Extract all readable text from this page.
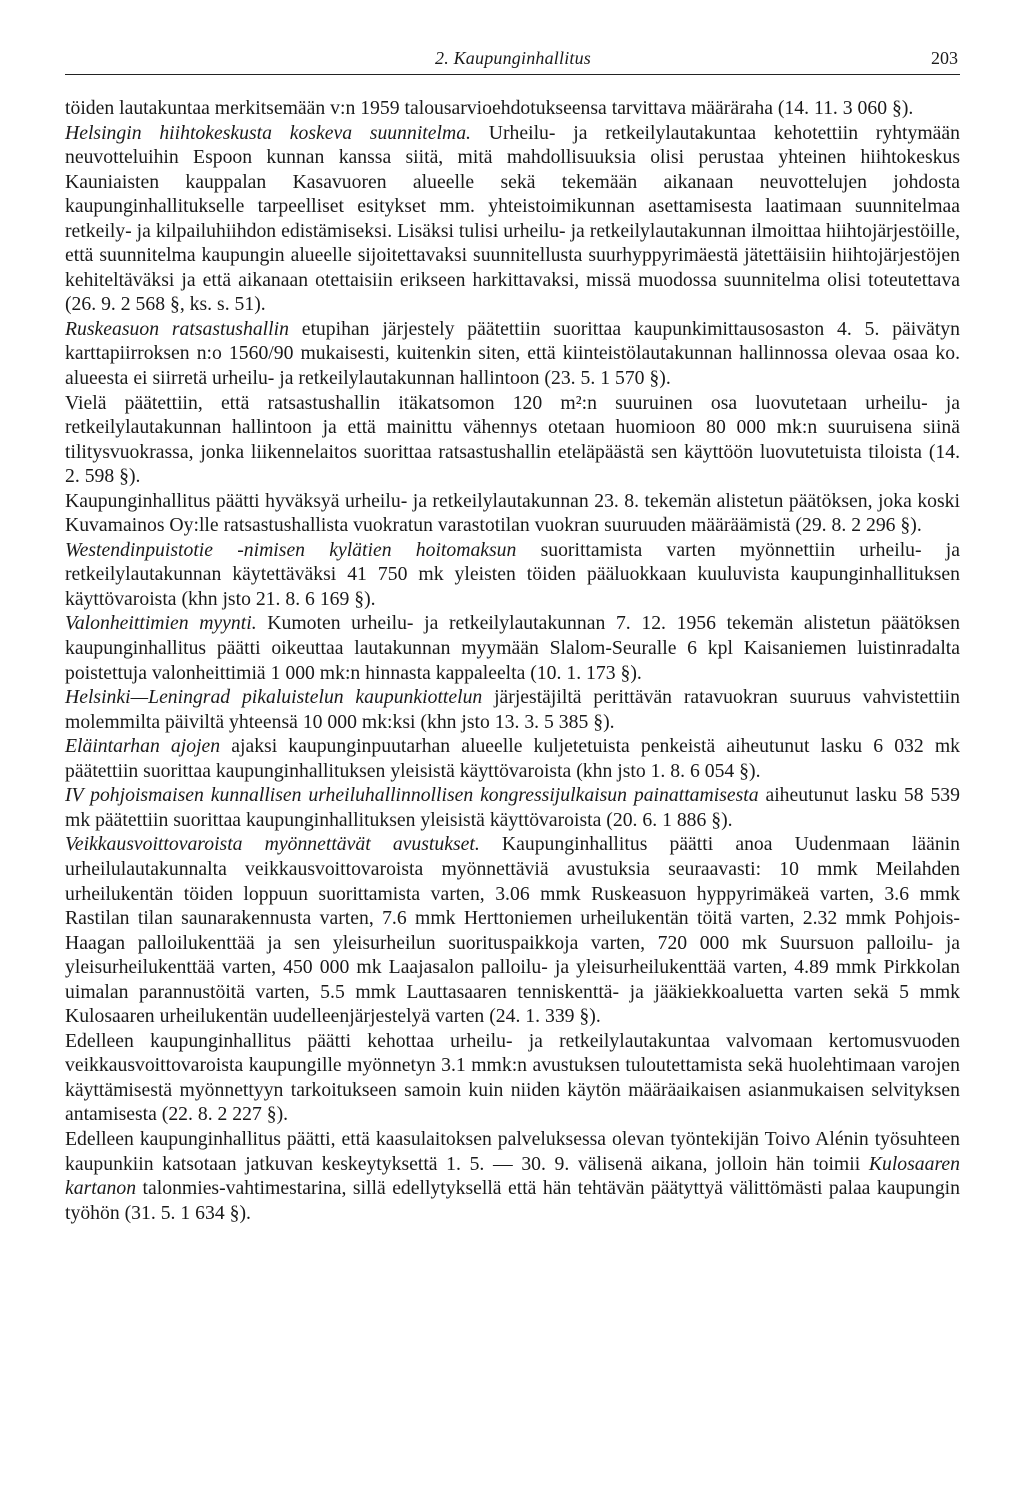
2. Kaupunginhallitus	203

töiden lautakuntaa merkitsemään v:n 1959 talousarvioehdotukseensa tarvittava määräraha (14. 11. 3 060 §).

Helsingin hiihtokeskusta koskeva suunnitelma. Urheilu- ja retkeilylautakuntaa kehotettiin ryhtymään neuvotteluihin Espoon kunnan kanssa siitä, mitä mahdollisuuksia olisi perustaa yhteinen hiihtokeskus Kauniaisten kauppalan Kasavuoren alueelle sekä tekemään aikanaan neuvottelujen johdosta kaupunginhallitukselle tarpeelliset esitykset mm. yhteistoimikunnan asettamisesta laatimaan suunnitelmaa retkeily- ja kilpailuhiihdon edistämiseksi. Lisäksi tulisi urheilu- ja retkeilylautakunnan ilmoittaa hiihtojärjestöille, että suunnitelma kaupungin alueelle sijoitettavaksi suunnitellusta suurhyppyrimäestä jätettäisiin hiihtojärjestöjen kehiteltäväksi ja että aikanaan otettaisiin erikseen harkittavaksi, missä muodossa suunnitelma olisi toteutettava (26. 9. 2 568 §, ks. s. 51).

Ruskeasuon ratsastushallin etupihan järjestely päätettiin suorittaa kaupunkimittausosaston 4. 5. päivätyn karttapiirroksen n:o 1560/90 mukaisesti, kuitenkin siten, että kiinteistölautakunnan hallinnossa olevaa osaa ko. alueesta ei siirretä urheilu- ja retkeilylautakunnan hallintoon (23. 5. 1 570 §).

Vielä päätettiin, että ratsastushallin itäkatsomon 120 m²:n suuruinen osa luovutetaan urheilu- ja retkeilylautakunnan hallintoon ja että mainittu vähennys otetaan huomioon 80 000 mk:n suuruisena siinä tilitysvuokrassa, jonka liikennelaitos suorittaa ratsastushallin eteläpäästä sen käyttöön luovutetuista tiloista (14. 2. 598 §).

Kaupunginhallitus päätti hyväksyä urheilu- ja retkeilylautakunnan 23. 8. tekemän alistetun päätöksen, joka koski Kuvamainos Oy:lle ratsastushallista vuokratun varastotilan vuokran suuruuden määräämistä (29. 8. 2 296 §).

Westendinpuistotie -nimisen kylätien hoitomaksun suorittamista varten myönnettiin urheilu- ja retkeilylautakunnan käytettäväksi 41 750 mk yleisten töiden pääluokkaan kuuluvista kaupunginhallituksen käyttövaroista (khn jsto 21. 8. 6 169 §).

Valonheittimien myynti. Kumoten urheilu- ja retkeilylautakunnan 7. 12. 1956 tekemän alistetun päätöksen kaupunginhallitus päätti oikeuttaa lautakunnan myymään Slalom-Seuralle 6 kpl Kaisaniemen luistinradalta poistettuja valonheittimiä 1 000 mk:n hinnasta kappaleelta (10. 1. 173 §).

Helsinki—Leningrad pikaluistelun kaupunkiottelun järjestäjiltä perittävän ratavuokran suuruus vahvistettiin molemmilta päiviltä yhteensä 10 000 mk:ksi (khn jsto 13. 3. 5 385 §).

Eläintarhan ajojen ajaksi kaupunginpuutarhan alueelle kuljetetuista penkeistä aiheutunut lasku 6 032 mk päätettiin suorittaa kaupunginhallituksen yleisistä käyttövaroista (khn jsto 1. 8. 6 054 §).

IV pohjoismaisen kunnallisen urheiluhallinnollisen kongressijulkaisun painattamisesta aiheutunut lasku 58 539 mk päätettiin suorittaa kaupunginhallituksen yleisistä käyttövaroista (20. 6. 1 886 §).

Veikkausvoittovaroista myönnettävät avustukset. Kaupunginhallitus päätti anoa Uudenmaan läänin urheilulautakunnalta veikkausvoittovaroista myönnettäviä avustuksia seuraavasti: 10 mmk Meilahden urheilukentän töiden loppuun suorittamista varten, 3.06 mmk Ruskeasuon hyppyrimäkeä varten, 3.6 mmk Rastilan tilan saunarakennusta varten, 7.6 mmk Herttoniemen urheilukentän töitä varten, 2.32 mmk Pohjois-Haagan palloilukenttää ja sen yleisurheilun suorituspaikkoja varten, 720 000 mk Suursuon palloilu- ja yleisurheilukenttää varten, 450 000 mk Laajasalon palloilu- ja yleisurheilukenttää varten, 4.89 mmk Pirkkolan uimalan parannustöitä varten, 5.5 mmk Lauttasaaren tenniskenttä- ja jääkiekkoaluetta varten sekä 5 mmk Kulosaaren urheilukentän uudelleenjärjestelyä varten (24. 1. 339 §).

Edelleen kaupunginhallitus päätti kehottaa urheilu- ja retkeilylautakuntaa valvomaan kertomusvuoden veikkausvoittovaroista kaupungille myönnetyn 3.1 mmk:n avustuksen tuloutettamista sekä huolehtimaan varojen käyttämisestä myönnettyyn tarkoitukseen samoin kuin niiden käytön määräaikaisen asianmukaisen selvityksen antamisesta (22. 8. 2 227 §).

Edelleen kaupunginhallitus päätti, että kaasulaitoksen palveluksessa olevan työntekijän Toivo Alénin työsuhteen kaupunkiin katsotaan jatkuvan keskeytyksettä 1. 5. — 30. 9. välisenä aikana, jolloin hän toimii Kulosaaren kartanon talonmies-vahtimestarina, sillä edellytyksellä että hän tehtävän päätyttyä välittömästi palaa kaupungin työhön (31. 5. 1 634 §).
